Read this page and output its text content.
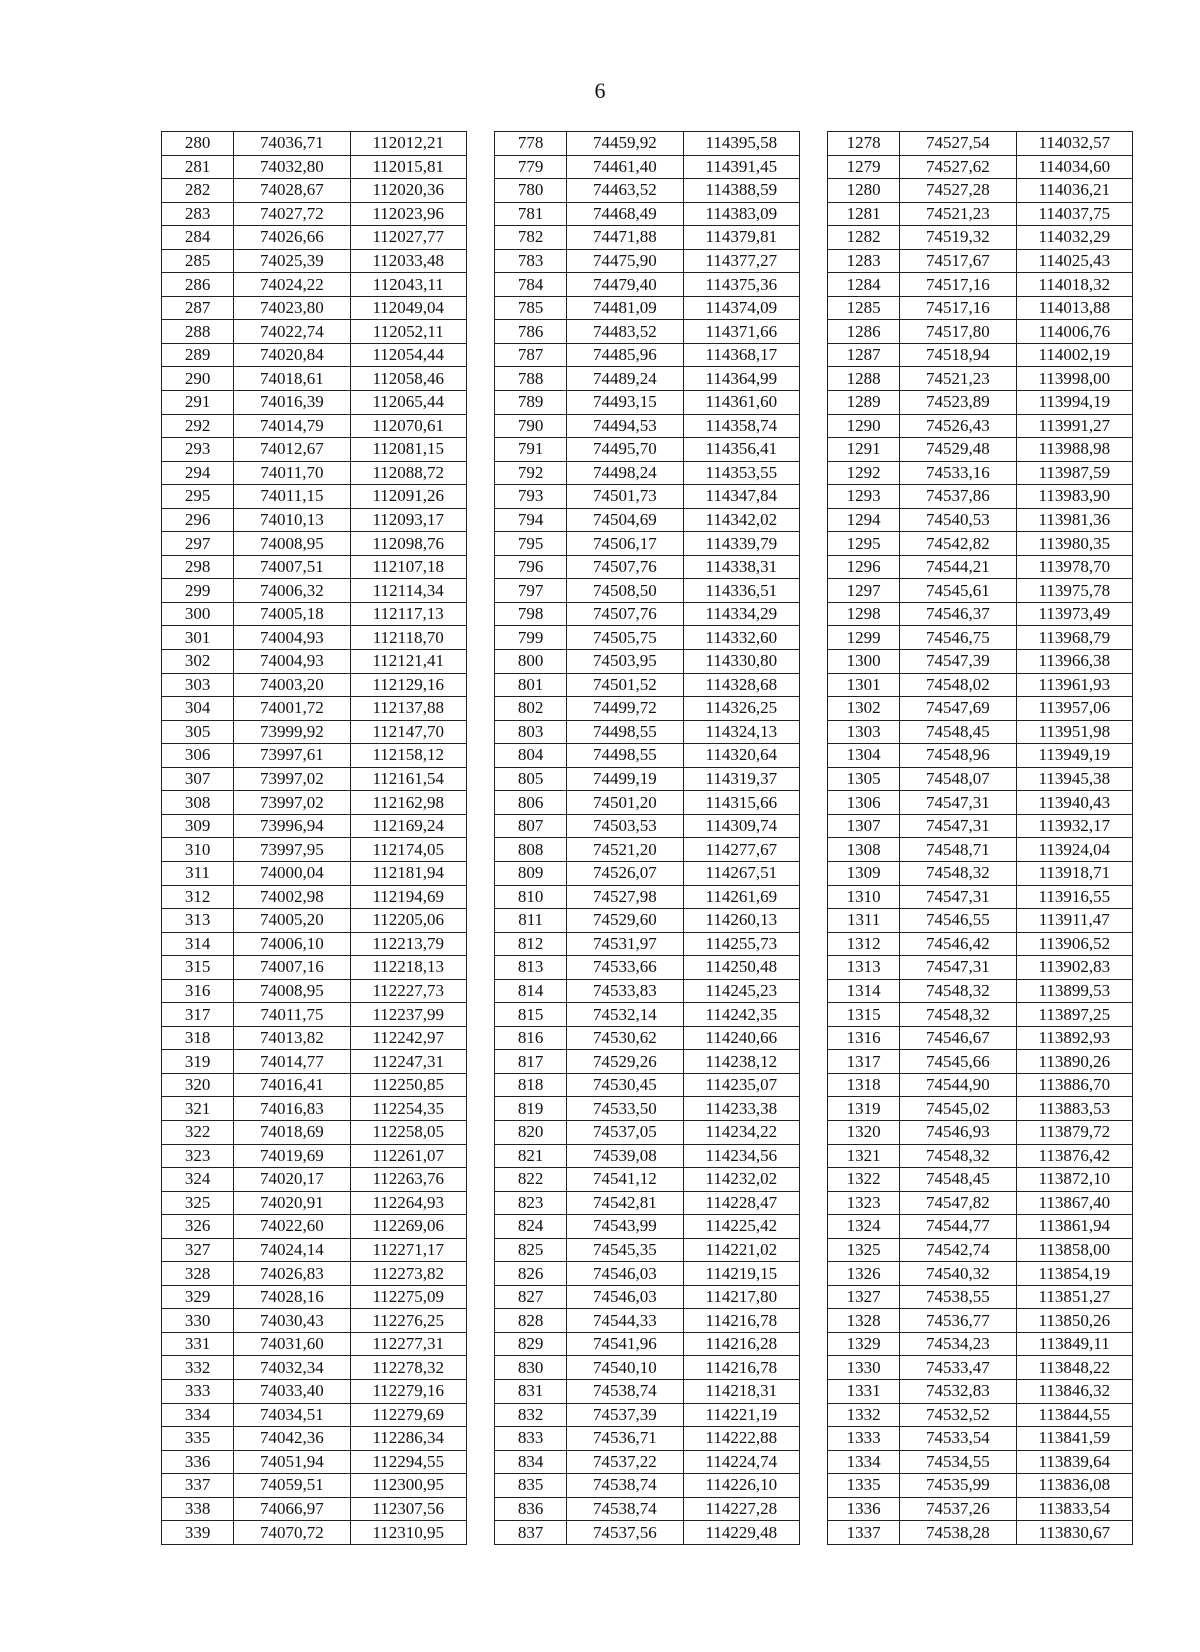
6
280	74036,71	112012,21		778	74459,92	114395,58		1278	74527,54	114032,57
281	74032,80	112015,81		779	74461,40	114391,45		1279	74527,62	114034,60
282	74028,67	112020,36		780	74463,52	114388,59		1280	74527,28	114036,21
283	74027,72	112023,96		781	74468,49	114383,09		1281	74521,23	114037,75
284	74026,66	112027,77		782	74471,88	114379,81		1282	74519,32	114032,29
285	74025,39	112033,48		783	74475,90	114377,27		1283	74517,67	114025,43
286	74024,22	112043,11		784	74479,40	114375,36		1284	74517,16	114018,32
287	74023,80	112049,04		785	74481,09	114374,09		1285	74517,16	114013,88
288	74022,74	112052,11		786	74483,52	114371,66		1286	74517,80	114006,76
289	74020,84	112054,44		787	74485,96	114368,17		1287	74518,94	114002,19
290	74018,61	112058,46		788	74489,24	114364,99		1288	74521,23	113998,00
291	74016,39	112065,44		789	74493,15	114361,60		1289	74523,89	113994,19
292	74014,79	112070,61		790	74494,53	114358,74		1290	74526,43	113991,27
293	74012,67	112081,15		791	74495,70	114356,41		1291	74529,48	113988,98
294	74011,70	112088,72		792	74498,24	114353,55		1292	74533,16	113987,59
295	74011,15	112091,26		793	74501,73	114347,84		1293	74537,86	113983,90
296	74010,13	112093,17		794	74504,69	114342,02		1294	74540,53	113981,36
297	74008,95	112098,76		795	74506,17	114339,79		1295	74542,82	113980,35
298	74007,51	112107,18		796	74507,76	114338,31		1296	74544,21	113978,70
299	74006,32	112114,34		797	74508,50	114336,51		1297	74545,61	113975,78
300	74005,18	112117,13		798	74507,76	114334,29		1298	74546,37	113973,49
301	74004,93	112118,70		799	74505,75	114332,60		1299	74546,75	113968,79
302	74004,93	112121,41		800	74503,95	114330,80		1300	74547,39	113966,38
303	74003,20	112129,16		801	74501,52	114328,68		1301	74548,02	113961,93
304	74001,72	112137,88		802	74499,72	114326,25		1302	74547,69	113957,06
305	73999,92	112147,70		803	74498,55	114324,13		1303	74548,45	113951,98
306	73997,61	112158,12		804	74498,55	114320,64		1304	74548,96	113949,19
307	73997,02	112161,54		805	74499,19	114319,37		1305	74548,07	113945,38
308	73997,02	112162,98		806	74501,20	114315,66		1306	74547,31	113940,43
309	73996,94	112169,24		807	74503,53	114309,74		1307	74547,31	113932,17
310	73997,95	112174,05		808	74521,20	114277,67		1308	74548,71	113924,04
311	74000,04	112181,94		809	74526,07	114267,51		1309	74548,32	113918,71
312	74002,98	112194,69		810	74527,98	114261,69		1310	74547,31	113916,55
313	74005,20	112205,06		811	74529,60	114260,13		1311	74546,55	113911,47
314	74006,10	112213,79		812	74531,97	114255,73		1312	74546,42	113906,52
315	74007,16	112218,13		813	74533,66	114250,48		1313	74547,31	113902,83
316	74008,95	112227,73		814	74533,83	114245,23		1314	74548,32	113899,53
317	74011,75	112237,99		815	74532,14	114242,35		1315	74548,32	113897,25
318	74013,82	112242,97		816	74530,62	114240,66		1316	74546,67	113892,93
319	74014,77	112247,31		817	74529,26	114238,12		1317	74545,66	113890,26
320	74016,41	112250,85		818	74530,45	114235,07		1318	74544,90	113886,70
321	74016,83	112254,35		819	74533,50	114233,38		1319	74545,02	113883,53
322	74018,69	112258,05		820	74537,05	114234,22		1320	74546,93	113879,72
323	74019,69	112261,07		821	74539,08	114234,56		1321	74548,32	113876,42
324	74020,17	112263,76		822	74541,12	114232,02		1322	74548,45	113872,10
325	74020,91	112264,93		823	74542,81	114228,47		1323	74547,82	113867,40
326	74022,60	112269,06		824	74543,99	114225,42		1324	74544,77	113861,94
327	74024,14	112271,17		825	74545,35	114221,02		1325	74542,74	113858,00
328	74026,83	112273,82		826	74546,03	114219,15		1326	74540,32	113854,19
329	74028,16	112275,09		827	74546,03	114217,80		1327	74538,55	113851,27
330	74030,43	112276,25		828	74544,33	114216,78		1328	74536,77	113850,26
331	74031,60	112277,31		829	74541,96	114216,28		1329	74534,23	113849,11
332	74032,34	112278,32		830	74540,10	114216,78		1330	74533,47	113848,22
333	74033,40	112279,16		831	74538,74	114218,31		1331	74532,83	113846,32
334	74034,51	112279,69		832	74537,39	114221,19		1332	74532,52	113844,55
335	74042,36	112286,34		833	74536,71	114222,88		1333	74533,54	113841,59
336	74051,94	112294,55		834	74537,22	114224,74		1334	74534,55	113839,64
337	74059,51	112300,95		835	74538,74	114226,10		1335	74535,99	113836,08
338	74066,97	112307,56		836	74538,74	114227,28		1336	74537,26	113833,54
339	74070,72	112310,95		837	74537,56	114229,48		1337	74538,28	113830,67
